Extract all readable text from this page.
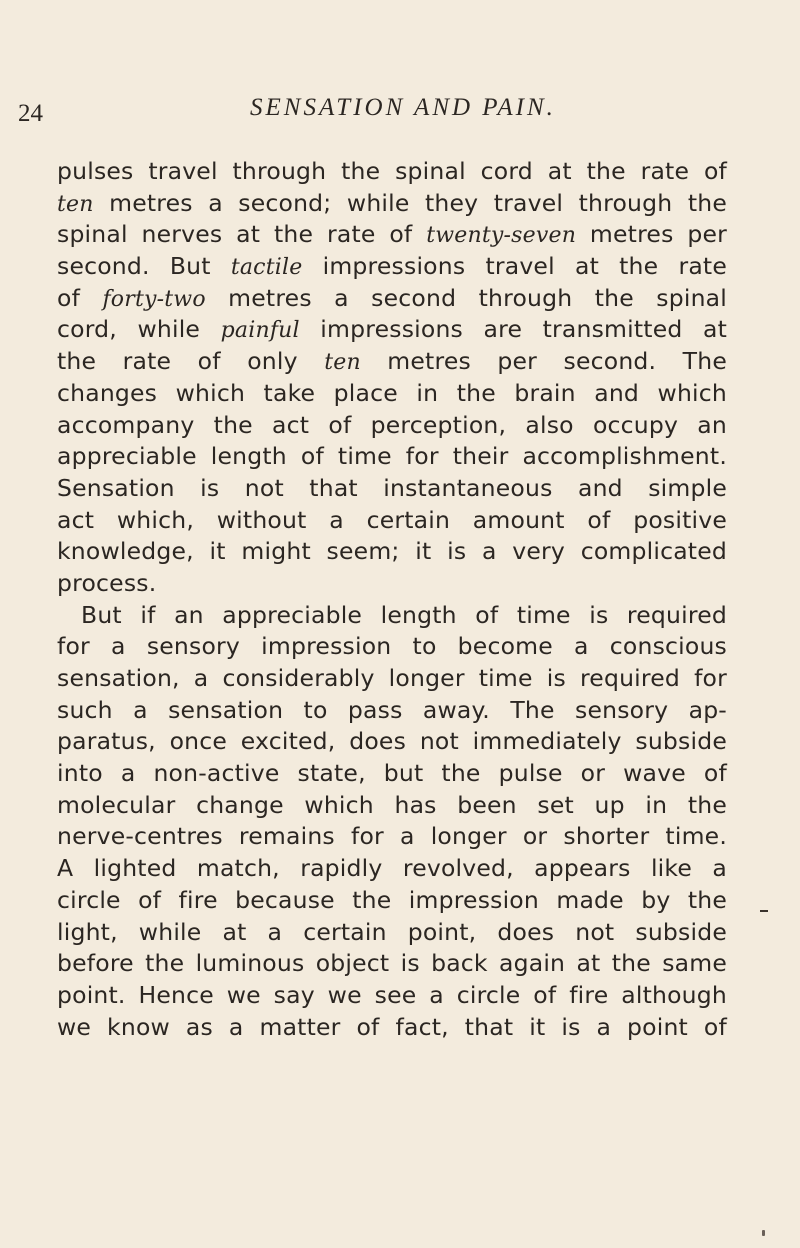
24	SENSATION AND PAIN.
pulses travel through the spinal cord at the rate of
ten metres a second; while they travel through the
spinal nerves at the rate of twenty-seven metres per
second. But tactile impressions travel at the rate
of forty-two metres a second through the spinal
cord, while painful impressions are transmitted at
the rate of only ten metres per second. The
changes which take place in the brain and which
accompany the act of perception, also occupy an
appreciable length of time for their accomplishment.
Sensation is not that instantaneous and simple
act which, without a certain amount of positive
knowledge, it might seem; it is a very complicated
process.
But if an appreciable length of time is required
for a sensory impression to become a conscious
sensation, a considerably longer time is required for
such a sensation to pass away. The sensory ap-
paratus, once excited, does not immediately subside
into a non-active state, but the pulse or wave of
molecular change which has been set up in the
nerve-centres remains for a longer or shorter time.
A lighted match, rapidly revolved, appears like a
circle of fire because the impression made by the
light, while at a certain point, does not subside
before the luminous object is back again at the same
point. Hence we say we see a circle of fire although
we know as a matter of fact, that it is a point of
